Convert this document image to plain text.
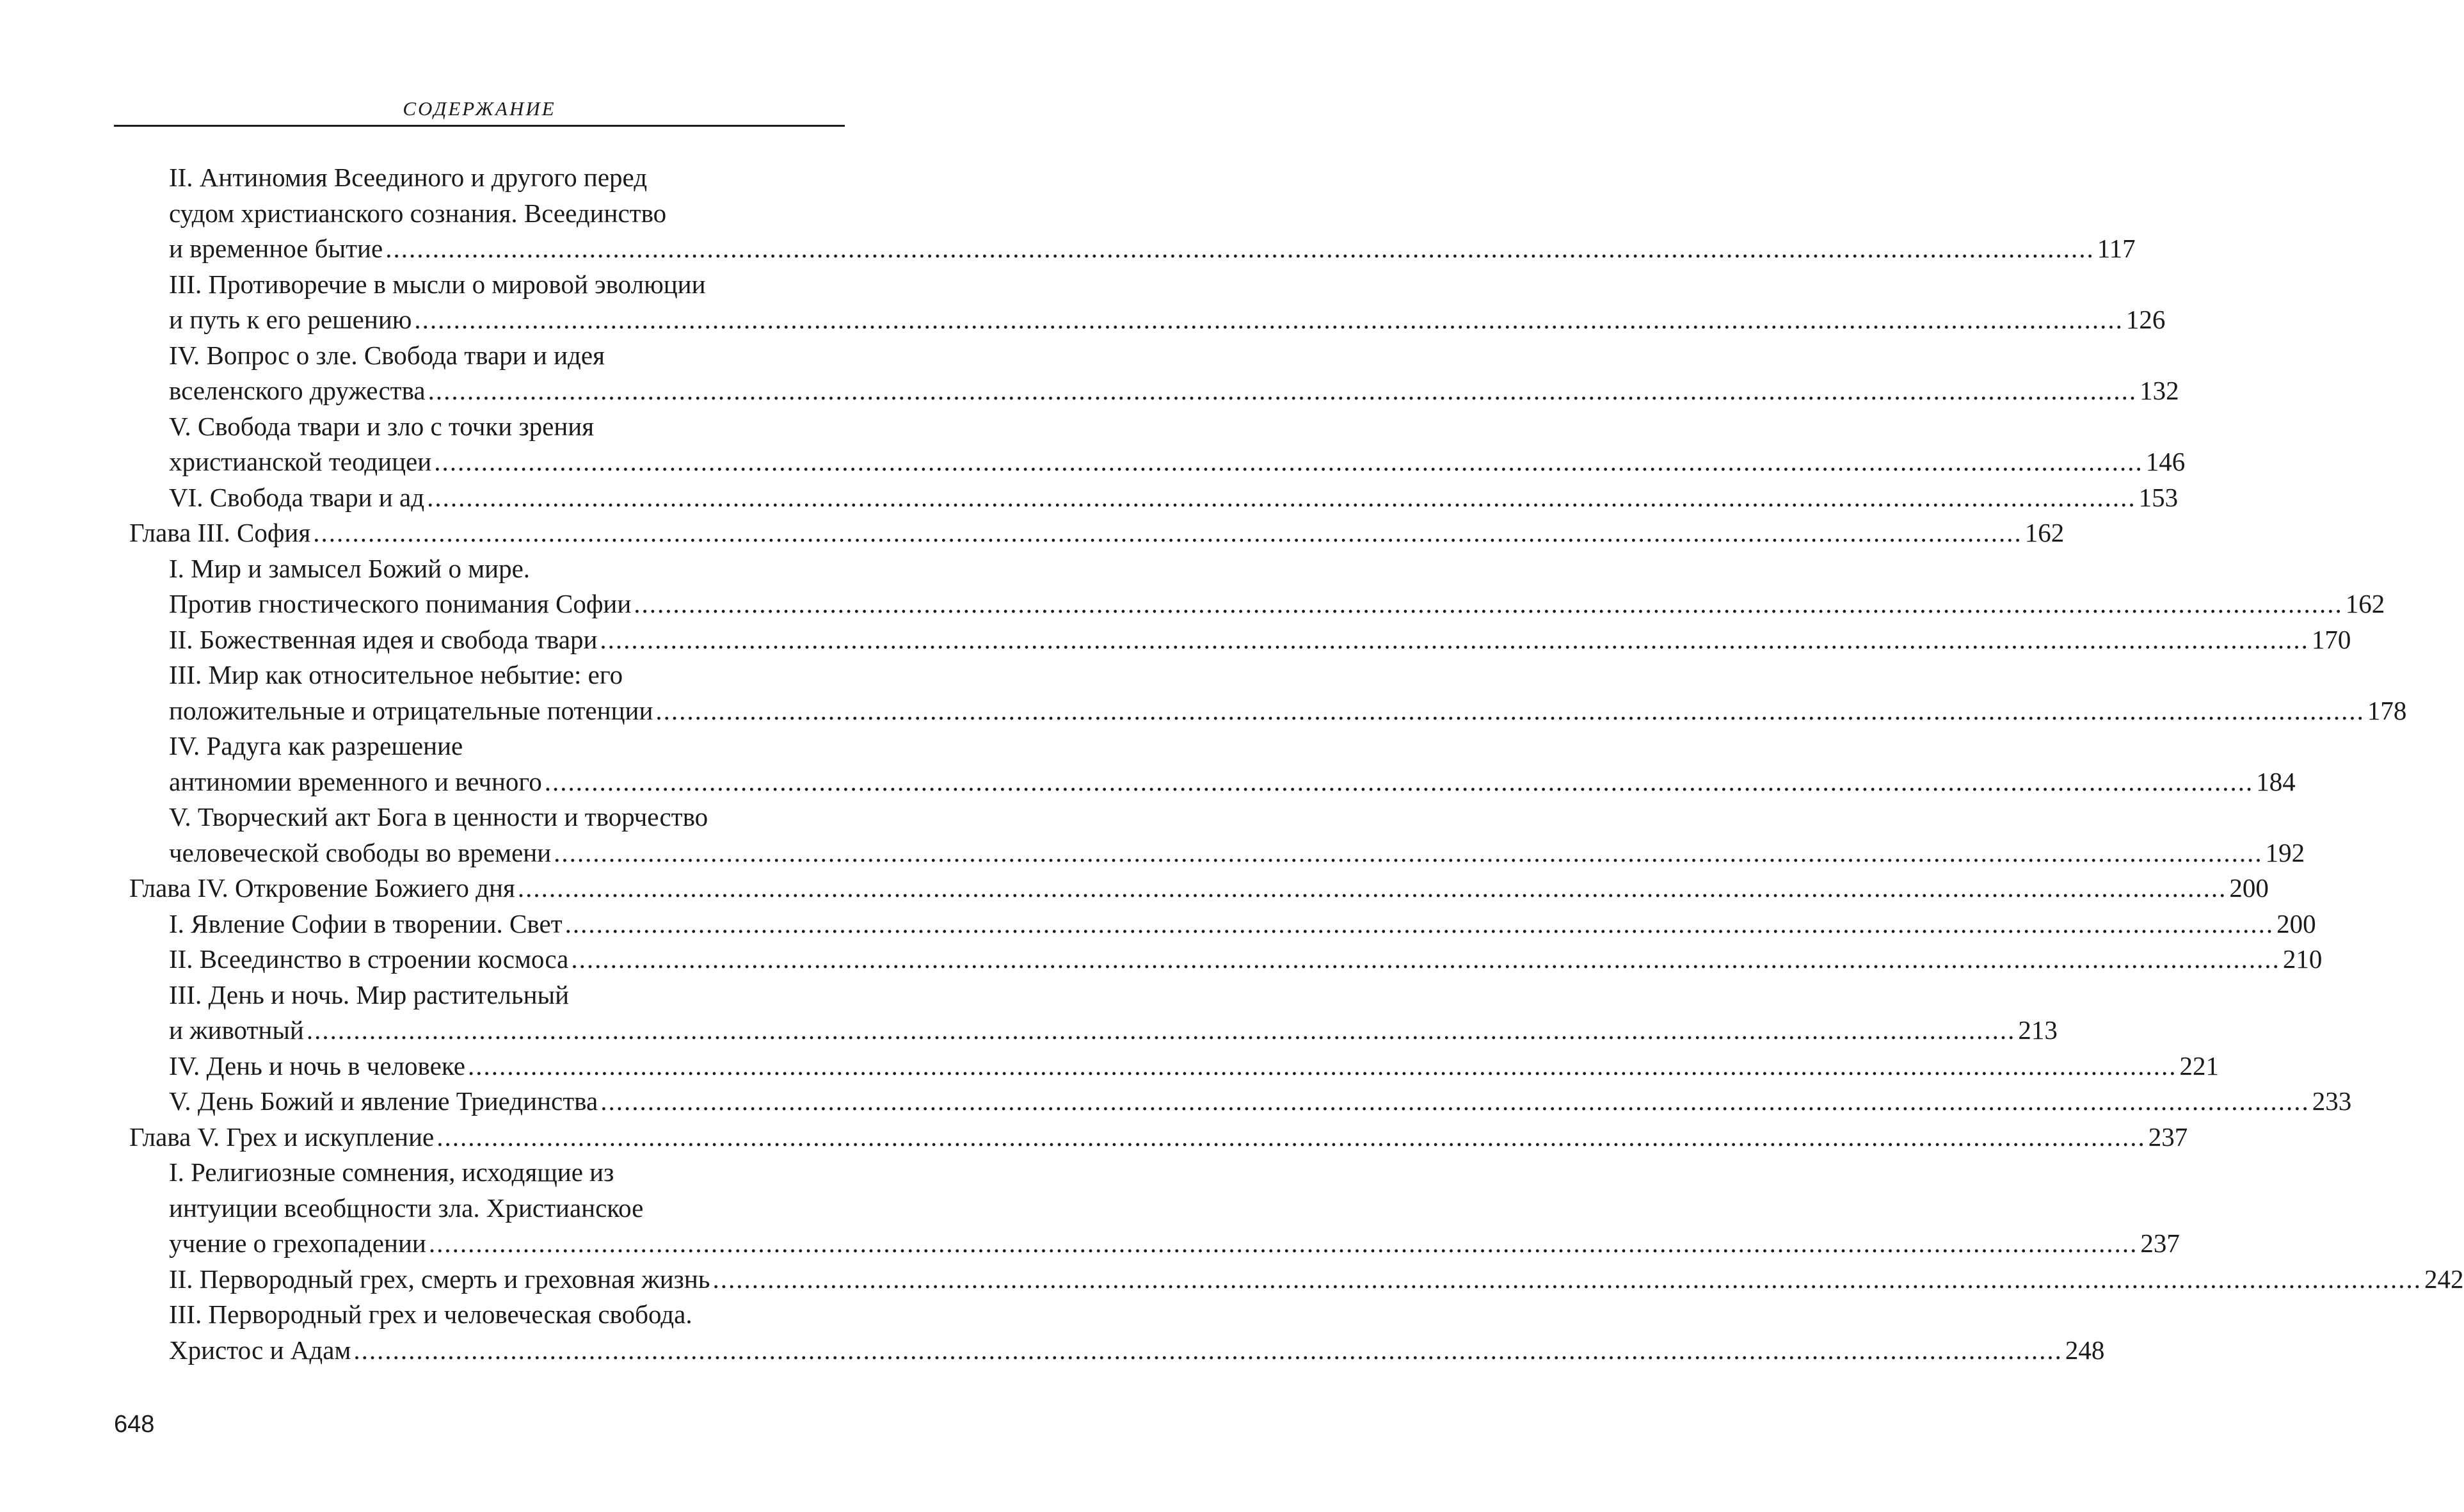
СОДЕРЖАНИЕ
II. Антиномия Всеединого и другого перед
судом христианского сознания. Всеединство
и временное бытие .....	117
III. Противоречие в мысли о мировой эволюции
и путь к его решению .....	126
IV. Вопрос о зле. Свобода твари и идея
вселенского дружества .....	132
V. Свобода твари и зло с точки зрения
христианской теодицеи .....	146
VI. Свобода твари и ад .....	153
Глава III. София .....	162
I. Мир и замысел Божий о мире.
Против гностического понимания Софии .....	162
II. Божественная идея и свобода твари .....	170
III. Мир как относительное небытие: его
положительные и отрицательные потенции .....	178
IV. Радуга как разрешение
антиномии временного и вечного .....	184
V. Творческий акт Бога в ценности и творчество
человеческой свободы во времени .....	192
Глава IV. Откровение Божиего дня .....	200
I. Явление Софии в творении. Свет .....	200
II. Всеединство в строении космоса .....	210
III. День и ночь. Мир растительный
и животный .....	213
IV. День и ночь в человеке .....	221
V. День Божий и явление Триединства .....	233
Глава V. Грех и искупление .....	237
I. Религиозные сомнения, исходящие из
интуиции всеобщности зла. Христианское
учение о грехопадении .....	237
II. Первородный грех, смерть и греховная жизнь .....	242
III. Первородный грех и человеческая свобода.
Христос и Адам .....	248
648
